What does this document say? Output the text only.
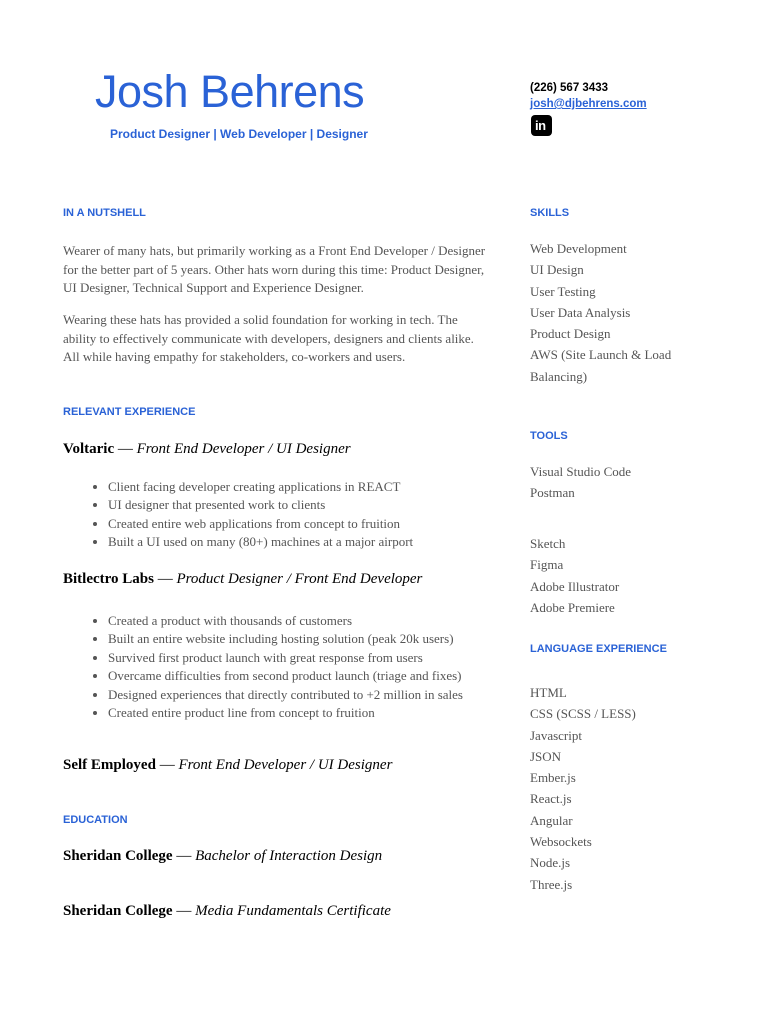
Josh Behrens
Product Designer | Web Developer | Designer
(226) 567 3433
josh@djbehrens.com
in
IN A NUTSHELL

Wearer of many hats, but primarily working as a Front End Developer / Designer for the better part of 5 years. Other hats worn during this time: Product Designer, UI Designer, Technical Support and Experience Designer.

Wearing these hats has provided a solid foundation for working in tech. The ability to effectively communicate with developers, designers and clients alike. All while having empathy for stakeholders, co-workers and users.

RELEVANT EXPERIENCE
Voltaric — Front End Developer / UI Designer
• Client facing developer creating applications in REACT
• UI designer that presented work to clients
• Created entire web applications from concept to fruition
• Built a UI used on many (80+) machines at a major airport
Bitlectro Labs — Product Designer / Front End Developer
• Created a product with thousands of customers
• Built an entire website including hosting solution (peak 20k users)
• Survived first product launch with great response from users
• Overcame difficulties from second product launch (triage and fixes)
• Designed experiences that directly contributed to +2 million in sales
• Created entire product line from concept to fruition
Self Employed — Front End Developer / UI Designer
EDUCATION
Sheridan College — Bachelor of Interaction Design
Sheridan College — Media Fundamentals Certificate
SKILLS
Web Development
UI Design
User Testing
User Data Analysis
Product Design
AWS (Site Launch & Load Balancing)
TOOLS
Visual Studio Code
Postman
Sketch
Figma
Adobe Illustrator
Adobe Premiere
LANGUAGE EXPERIENCE
HTML
CSS (SCSS / LESS)
Javascript
JSON
Ember.js
React.js
Angular
Websockets
Node.js
Three.js
